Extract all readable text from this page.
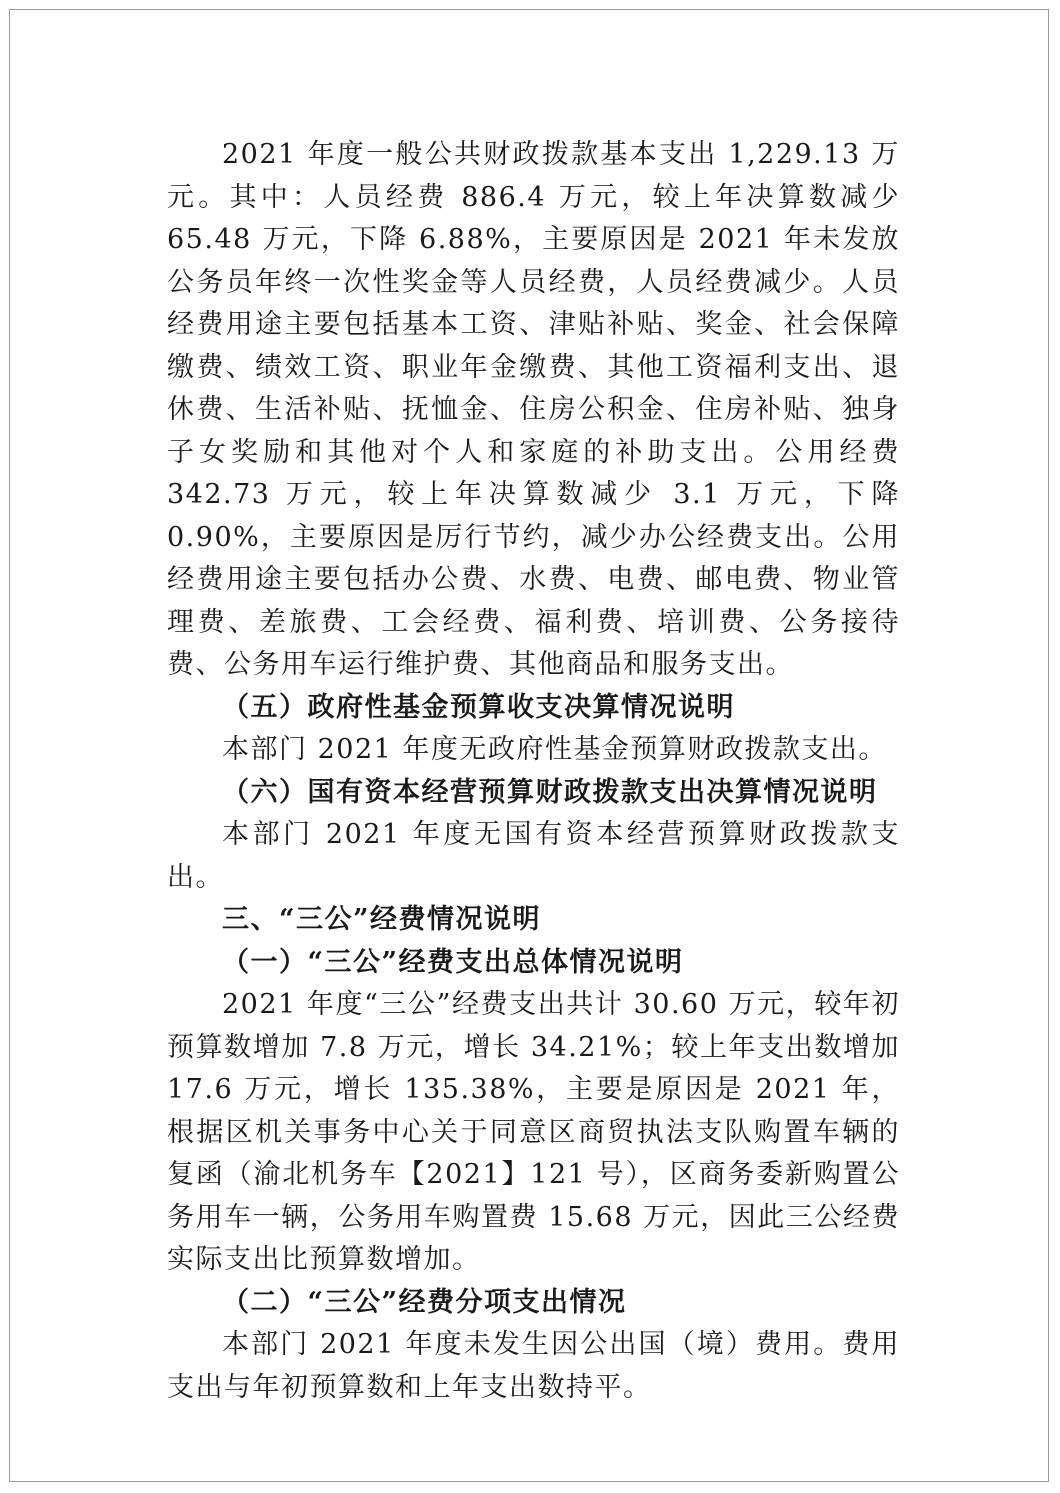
2021 年度一般公共财政拨款基本支出 1,229.13 万元。其中：人员经费 886.4 万元，较上年决算数减少 65.48 万元，下降 6.88%，主要原因是 2021 年未发放公务员年终一次性奖金等人员经费，人员经费减少。人员经费用途主要包括基本工资、津贴补贴、奖金、社会保障缴费、绩效工资、职业年金缴费、其他工资福利支出、退休费、生活补贴、抚恤金、住房公积金、住房补贴、独身子女奖励和其他对个人和家庭的补助支出。公用经费 342.73 万元，较上年决算数减少 3.1 万元，下降 0.90%，主要原因是厉行节约，减少办公经费支出。公用经费用途主要包括办公费、水费、电费、邮电费、物业管理费、差旅费、工会经费、福利费、培训费、公务接待费、公务用车运行维护费、其他商品和服务支出。

（五）政府性基金预算收支决算情况说明

本部门 2021 年度无政府性基金预算财政拨款支出。

（六）国有资本经营预算财政拨款支出决算情况说明

本部门 2021 年度无国有资本经营预算财政拨款支出。

三、“三公”经费情况说明

（一）“三公”经费支出总体情况说明

2021 年度“三公”经费支出共计 30.60 万元，较年初预算数增加 7.8 万元，增长 34.21%；较上年支出数增加 17.6 万元，增长 135.38%，主要是原因是 2021 年，根据区机关事务中心关于同意区商贸执法支队购置车辆的复函（渝北机务车【2021】121 号），区商务委新购置公务用车一辆，公务用车购置费 15.68 万元，因此三公经费实际支出比预算数增加。

（二）“三公”经费分项支出情况

本部门 2021 年度未发生因公出国（境）费用。费用支出与年初预算数和上年支出数持平。
